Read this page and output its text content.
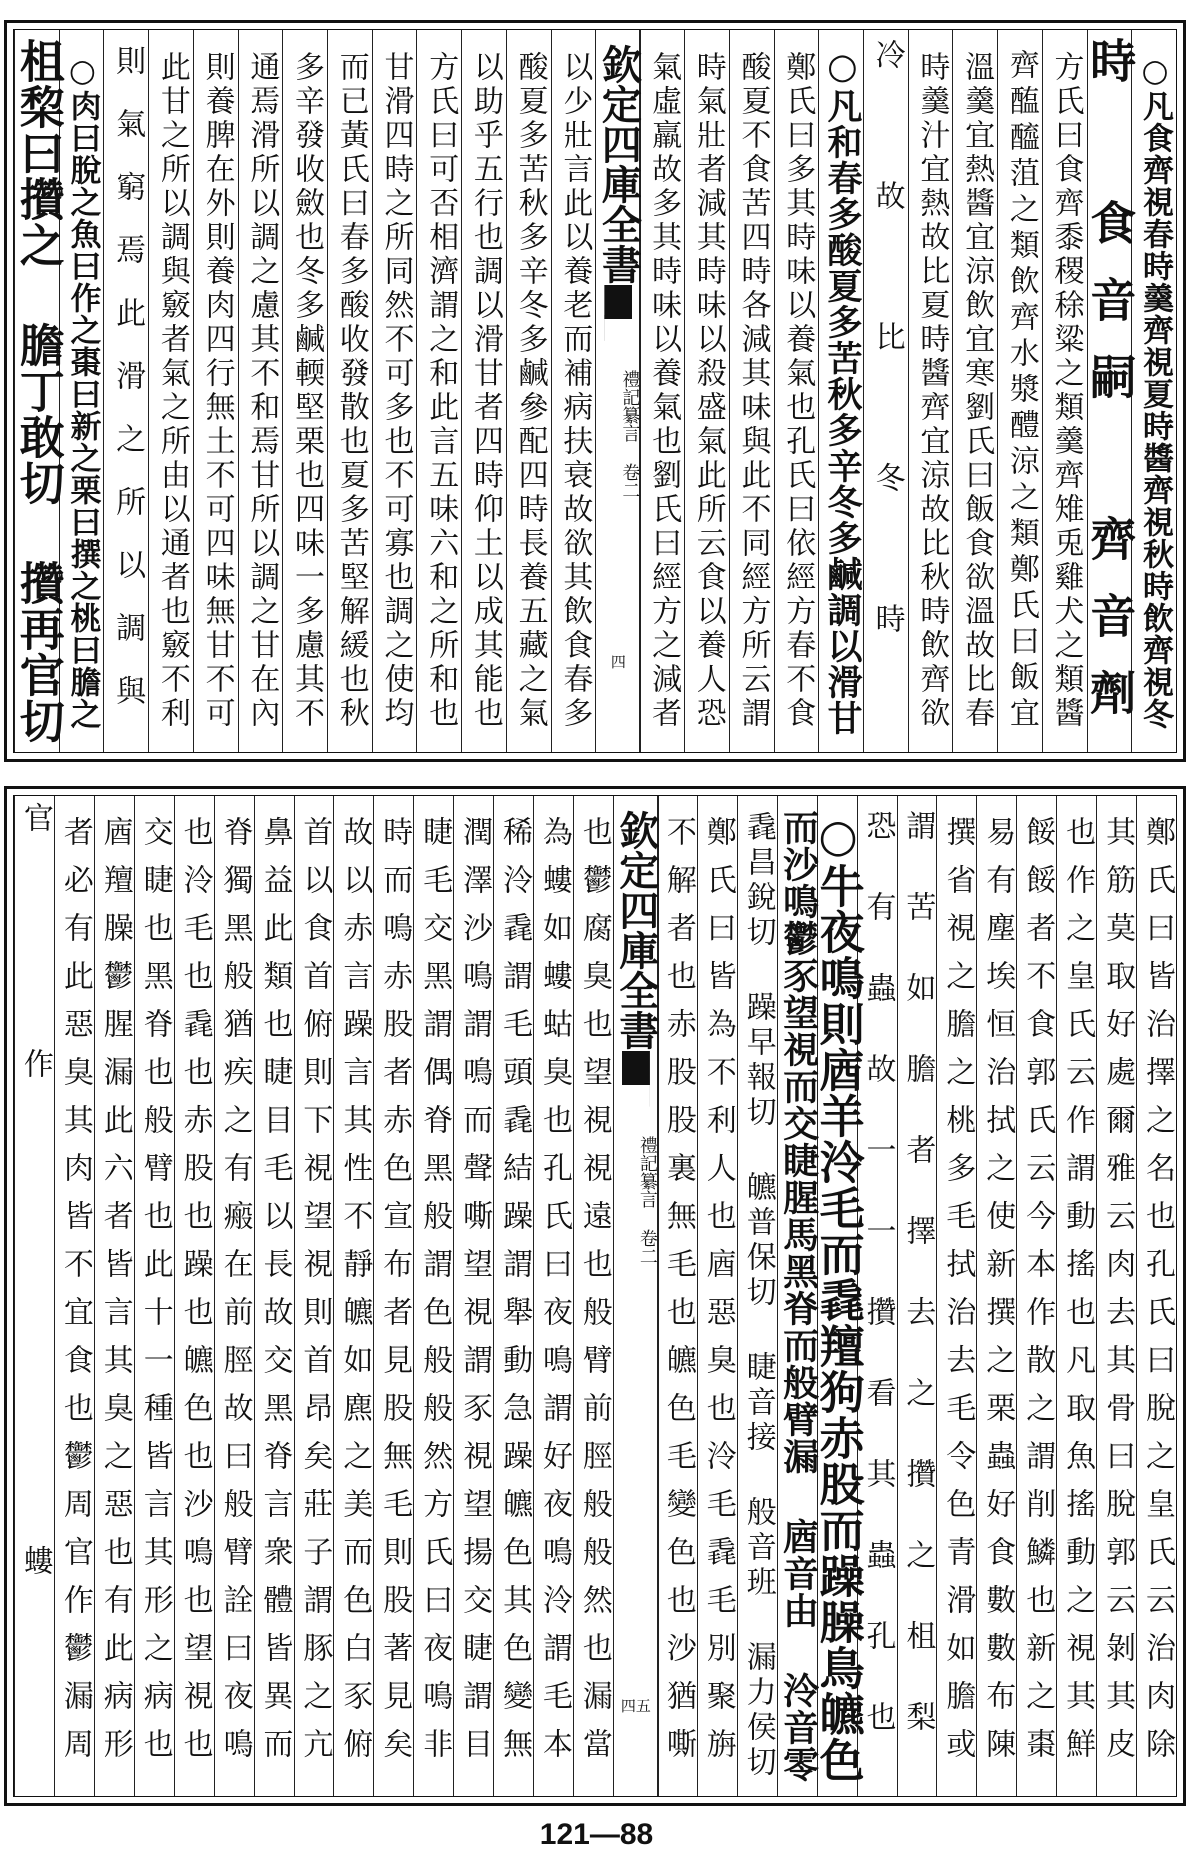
○凡食齊視春時羹齊視夏時醬齊視秋時飲齊視冬
時 食音嗣 齊音劑
方氏曰食齊黍稷稌粱之類羹齊雉兎雞犬之類醬
齊醢醯菹之類飲齊水漿醴涼之類鄭氏曰飯宜
溫羹宜熱醬宜涼飲宜寒劉氏曰飯食欲溫故比春
時羹汁宜熱故比夏時醬齊宜涼故比秋時飲齊欲
冷故比冬時
○凡和春多酸夏多苦秋多辛冬多鹹調以滑甘
鄭氏曰多其時味以養氣也孔氏曰依經方春不食
酸夏不食苦四時各減其味與此不同經方所云謂
時氣壯者減其時味以殺盛氣此所云食以養人恐
氣虛羸故多其時味以養氣也劉氏曰經方之減者
欽定四庫全書
禮記纂言 卷二
四
以少壯言此以養老而補病扶衰故欲其飲食春多
酸夏多苦秋多辛冬多鹹參配四時長養五藏之氣
以助乎五行也調以滑甘者四時仰土以成其能也
方氏曰可否相濟謂之和此言五味六和之所和也
甘滑四時之所同然不可多也不可寡也調之使均
而已黃氏曰春多酸收發散也夏多苦堅解緩也秋
多辛發收斂也冬多鹹輭堅栗也四味一多慮其不
通焉滑所以調之慮其不和焉甘所以調之甘在內
則養脾在外則養肉四行無土不可四味無甘不可
此甘之所以調與竅者氣之所由以通者也竅不利
則氣窮焉此滑之所以調與
○肉曰脫之魚曰作之棗曰新之栗曰撰之桃曰膽之
柤棃曰攢之 膽丁敢切 攢再官切
鄭氏曰皆治擇之名也孔氏曰脫之皇氏云治肉除
其筋莫取好處爾雅云肉去其骨曰脫郭云剝其皮
也作之皇氏云作謂動搖也凡取魚搖動之視其鮮
餒餒者不食郭氏云今本作散之謂削鱗也新之棗
易有塵埃恒治拭之使新撰之栗蟲好食數數布陳
撰省視之膽之桃多毛拭治去毛令色青滑如膽或
謂苦如膽者擇去之攢之柤梨
恐有蟲故一一攢看其蟲孔也
○牛夜鳴則庮羊泠毛而毳羶狗赤股而躁臊鳥皫色
而沙鳴鬱豕望視而交睫腥馬黑脊而般臂漏 庮音由 泠音零
毳昌銳切 躁早報切 皫普保切 睫音接 般音班 漏力侯切
鄭氏曰皆為不利人也庮惡臭也泠毛毳毛別聚旃
不解者也赤股股裏無毛也皫色毛變色也沙猶嘶
欽定四庫全書
禮記纂言 卷二
四五
也鬱腐臭也望視視遠也般臂前脛般般然也漏當
為螻如螻蛄臭也孔氏曰夜鳴謂好夜鳴泠謂毛本
稀泠毳謂毛頭毳結躁謂舉動急躁皫色其色變無
潤澤沙鳴謂鳴而聲嘶望視謂豕視望揚交睫謂目
睫毛交黑謂偶脊黑般謂色般般然方氏曰夜鳴非
時而鳴赤股者赤色宣布者見股無毛則股著見矣
故以赤言躁言其性不靜皫如麃之美而色白豕俯
首以食首俯則下視望視則首昂矣莊子謂豚之亢
鼻益此類也睫目毛以長故交黑脊言衆體皆異而
脊獨黑般猶疾之有瘢在前脛故曰般臂詮曰夜鳴
也泠毛也毳也赤股也躁也皫色也沙鳴也望視也
交睫也黑脊也般臂也此十一種皆言其形之病也
庮羶臊鬱腥漏此六者皆言其臭之惡也有此病形
者必有此惡臭其肉皆不宜食也鬱周官作鬱漏周
官作 螻
121—88
